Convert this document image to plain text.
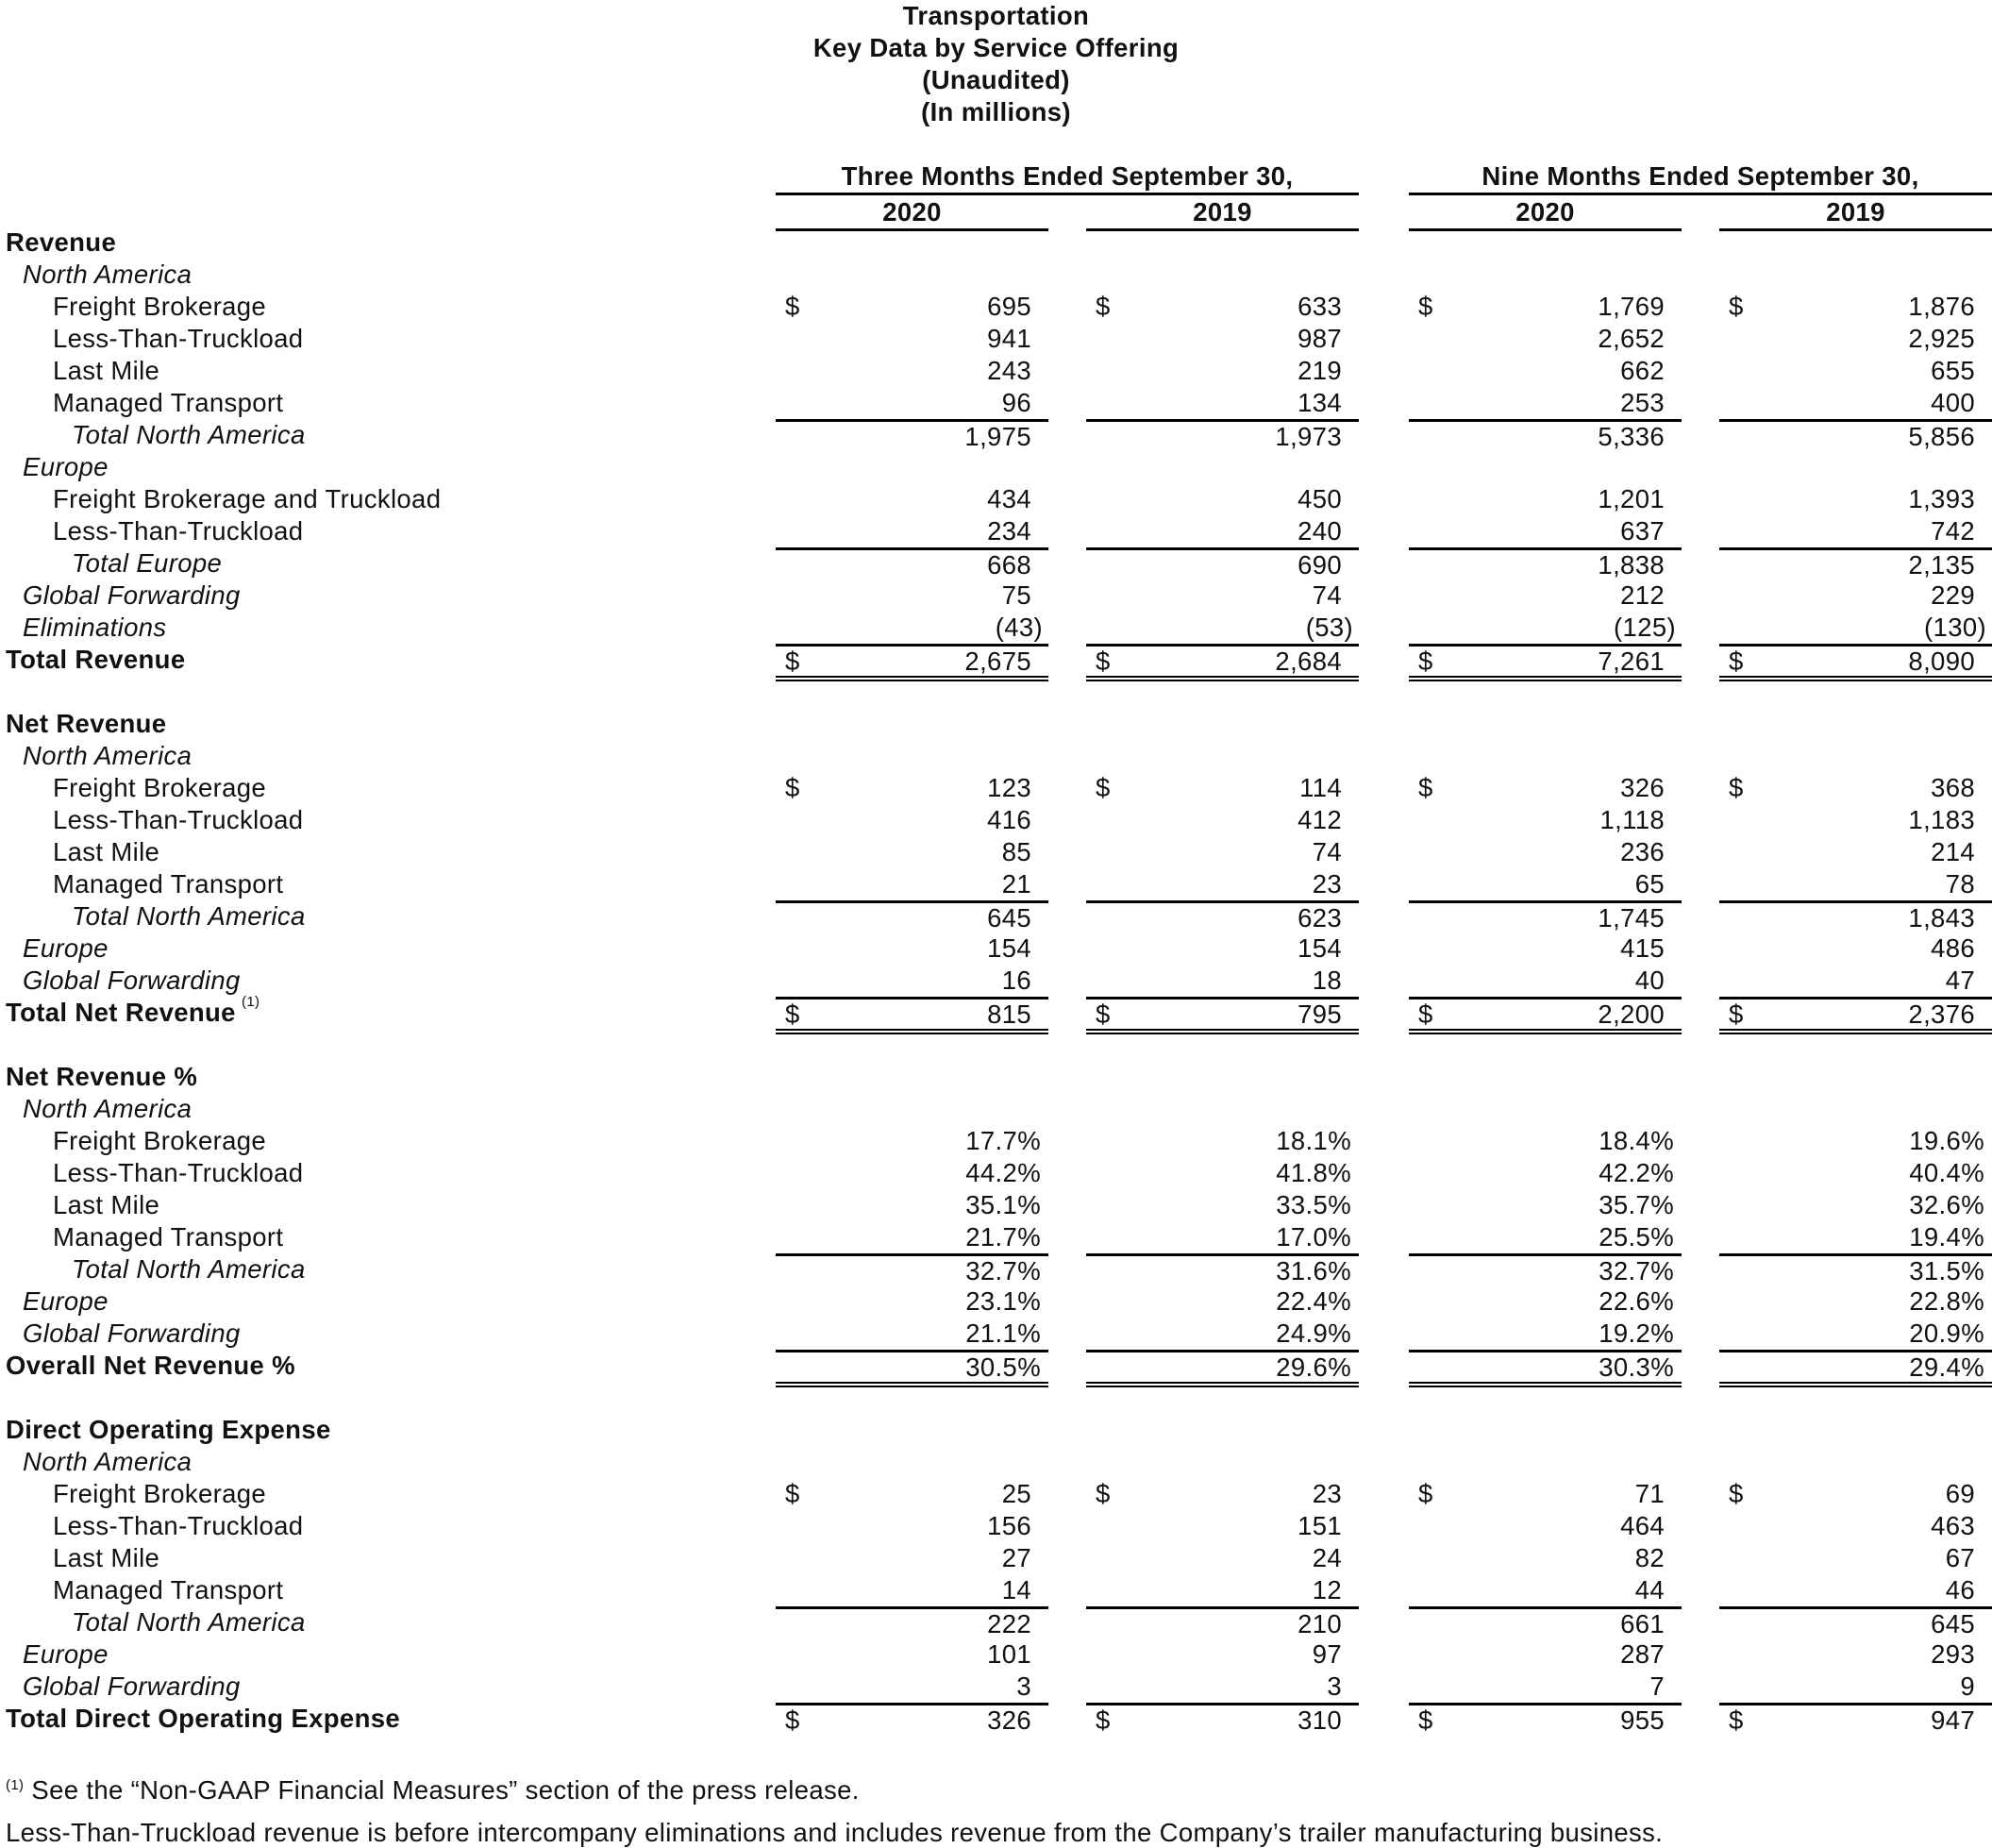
Transportation
Key Data by Service Offering
(Unaudited)
(In millions)
Three Months Ended September 30,	Nine Months Ended September 30,
2020	2019	2020	2019
Revenue
North America
Freight Brokerage	$	695 $	633	$	1,769 $	1,876
Less-Than-Truckload	941	987	2,652	2,925
Last Mile	243	219	662	655
Managed Transport	96	134	253	400
Total North America	1,975	1,973	5,336	5,856
Europe
Freight Brokerage and Truckload	434	450	1,201	1,393
Less-Than-Truckload	234	240	637	742
Total Europe	668	690	1,838	2,135
Global Forwarding	75	74	212	229
Eliminations	(43)	(53)	(125)	(130)
Total Revenue	$	2,675 $	2,684	$	7,261 $	8,090
Net Revenue
North America
Freight Brokerage	$	123 $	114	$	326 $	368
Less-Than-Truckload	416	412	1,118	1,183
Last Mile	85	74	236	214
Managed Transport	21	23	65	78
Total North America	645	623	1,745	1,843
Europe	154	154	415	486
Global Forwarding	16	18	40	47
Total Net Revenue (1)	$	815 $	795	$	2,200 $	2,376
Net Revenue %
North America
Freight Brokerage	17.7%	18.1%	18.4%	19.6%
Less-Than-Truckload	44.2%	41.8%	42.2%	40.4%
Last Mile	35.1%	33.5%	35.7%	32.6%
Managed Transport	21.7%	17.0%	25.5%	19.4%
Total North America	32.7%	31.6%	32.7%	31.5%
Europe	23.1%	22.4%	22.6%	22.8%
Global Forwarding	21.1%	24.9%	19.2%	20.9%
Overall Net Revenue %	30.5%	29.6%	30.3%	29.4%
Direct Operating Expense
North America
Freight Brokerage	$	25 $	23	$	71 $	69
Less-Than-Truckload	156	151	464	463
Last Mile	27	24	82	67
Managed Transport	14	12	44	46
Total North America	222	210	661	645
Europe	101	97	287	293
Global Forwarding	3	3	7	9
Total Direct Operating Expense	$	326 $	310	$	955 $	947
$^{(1)}$ See the “Non-GAAP Financial Measures” section of the press release.
Less-Than-Truckload revenue is before intercompany eliminations and includes revenue from the Company’s trailer manufacturing business.
